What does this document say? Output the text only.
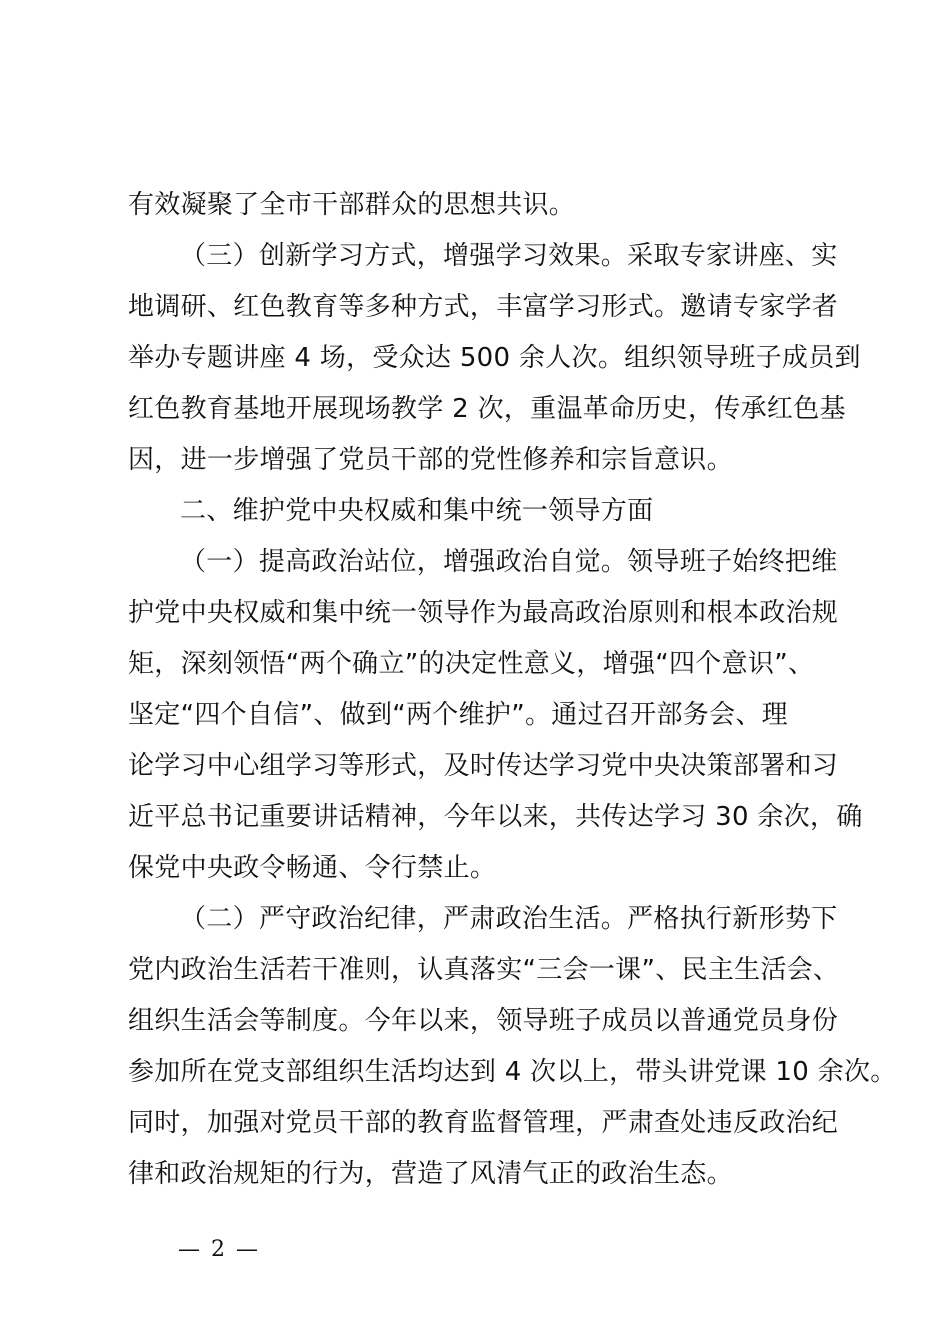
有效凝聚了全市干部群众的思想共识。
（三）创新学习方式，增强学习效果。采取专家讲座、实
地调研、红色教育等多种方式，丰富学习形式。邀请专家学者
举办专题讲座 4 场，受众达 500 余人次。组织领导班子成员到
红色教育基地开展现场教学 2 次，重温革命历史，传承红色基
因，进一步增强了党员干部的党性修养和宗旨意识。
二、维护党中央权威和集中统一领导方面
（一）提高政治站位，增强政治自觉。领导班子始终把维
护党中央权威和集中统一领导作为最高政治原则和根本政治规
矩，深刻领悟“两个确立”的决定性意义，增强“四个意识”、
坚定“四个自信”、做到“两个维护”。通过召开部务会、理
论学习中心组学习等形式，及时传达学习党中央决策部署和习
近平总书记重要讲话精神，今年以来，共传达学习 30 余次，确
保党中央政令畅通、令行禁止。
（二）严守政治纪律，严肃政治生活。严格执行新形势下
党内政治生活若干准则，认真落实“三会一课”、民主生活会、
组织生活会等制度。今年以来，领导班子成员以普通党员身份
参加所在党支部组织生活均达到 4 次以上，带头讲党课 10 余次。
同时，加强对党员干部的教育监督管理，严肃查处违反政治纪
律和政治规矩的行为，营造了风清气正的政治生态。
— 2 —
